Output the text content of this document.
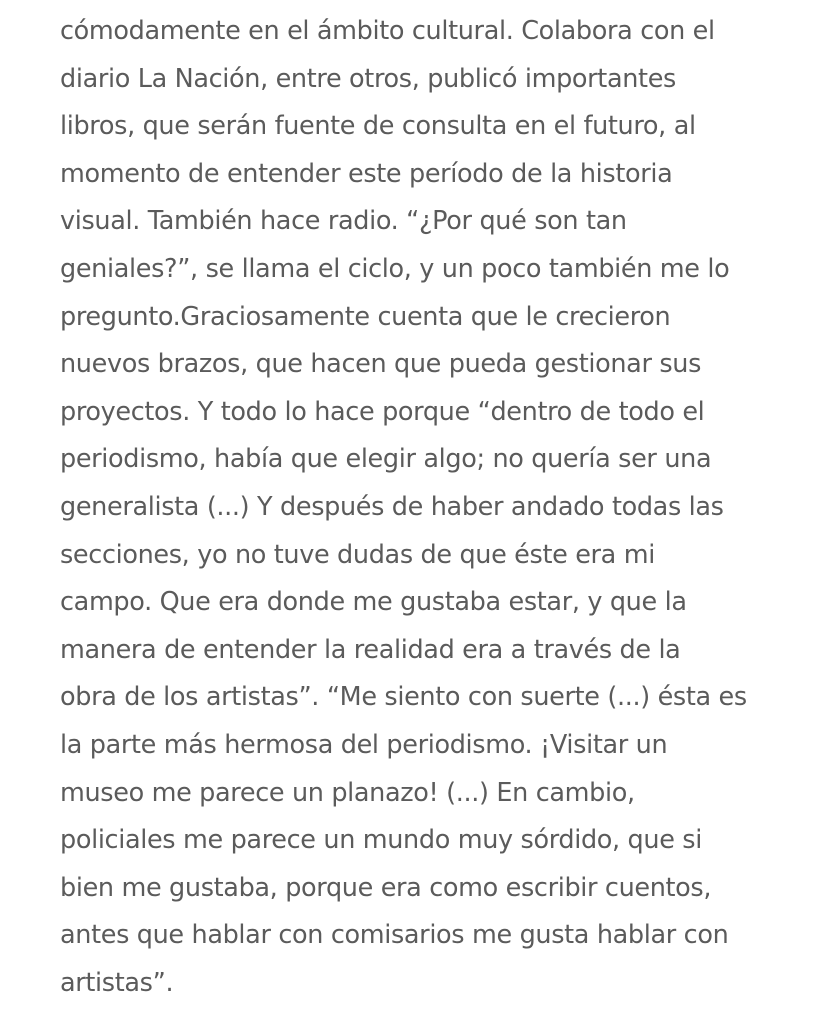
cómodamente en el ámbito cultural. Colabora con el
diario La Nación, entre otros, publicó importantes
libros, que serán fuente de consulta en el futuro, al
momento de entender este período de la historia
visual. También hace radio. “¿Por qué son tan
geniales?”, se llama el ciclo, y un poco también me lo
pregunto.Graciosamente cuenta que le crecieron
nuevos brazos, que hacen que pueda gestionar sus
proyectos. Y todo lo hace porque “dentro de todo el
periodismo, había que elegir algo; no quería ser una
generalista (...) Y después de haber andado todas las
secciones, yo no tuve dudas de que éste era mi
campo. Que era donde me gustaba estar, y que la
manera de entender la realidad era a través de la
obra de los artistas”. “Me siento con suerte (...) ésta es
la parte más hermosa del periodismo. ¡Visitar un
museo me parece un planazo! (...) En cambio,
policiales me parece un mundo muy sórdido, que si
bien me gustaba, porque era como escribir cuentos,
antes que hablar con comisarios me gusta hablar con
artistas”.
